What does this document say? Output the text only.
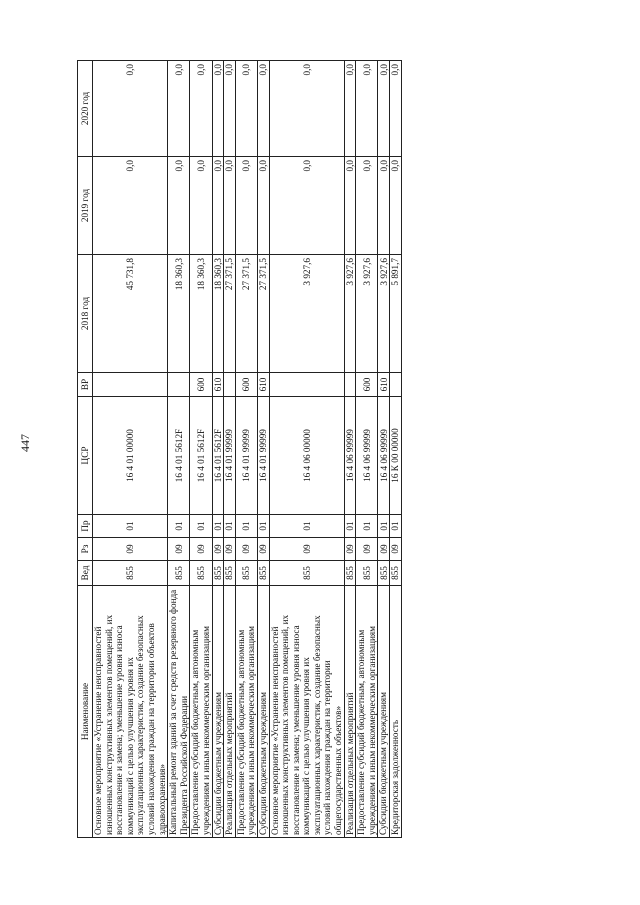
447
Наименование	Вед	Рз	Пр	ЦСР	ВР	2018 год	2019 год	2020 год
Основное мероприятие «Устранение неисправностей изношенных конструктивных элементов помещений, их восстановление и замена; уменьшение уровня износа коммуникаций с целью улучшения уровня их эксплуатационных характеристик, создание безопасных условий нахождения граждан на территории объектов здравоохранения»	855	09	01	16 4 01 00000		45 731,8	0,0	0,0
Капитальный ремонт зданий за счет средств резервного фонда Президента Российской Федерации	855	09	01	16 4 01 5612F		18 360,3	0,0	0,0
Предоставление субсидий бюджетным, автономным учреждениям и иным некоммерческим организациям	855	09	01	16 4 01 5612F	600	18 360,3	0,0	0,0
Субсидии бюджетным учреждениям	855	09	01	16 4 01 5612F	610	18 360,3	0,0	0,0
Реализация отдельных мероприятий	855	09	01	16 4 01 99999		27 371,5	0,0	0,0
Предоставление субсидий бюджетным, автономным учреждениям и иным некоммерческим организациям	855	09	01	16 4 01 99999	600	27 371,5	0,0	0,0
Субсидии бюджетным учреждениям	855	09	01	16 4 01 99999	610	27 371,5	0,0	0,0
Основное мероприятие «Устранение неисправностей изношенных конструктивных элементов помещений, их восстановление и замена; уменьшение уровня износа коммуникаций с целью улучшения уровня их эксплуатационных характеристик, создание безопасных условий нахождения граждан на территории общегосударственных объектов»	855	09	01	16 4 06 00000		3 927,6	0,0	0,0
Реализация отдельных мероприятий	855	09	01	16 4 06 99999		3 927,6	0,0	0,0
Предоставление субсидий бюджетным, автономным учреждениям и иным некоммерческим организациям	855	09	01	16 4 06 99999	600	3 927,6	0,0	0,0
Субсидии бюджетным учреждениям	855	09	01	16 4 06 99999	610	3 927,6	0,0	0,0
Кредиторская задолженность	855	09	01	16 К 00 00000		5 891,7	0,0	0,0
